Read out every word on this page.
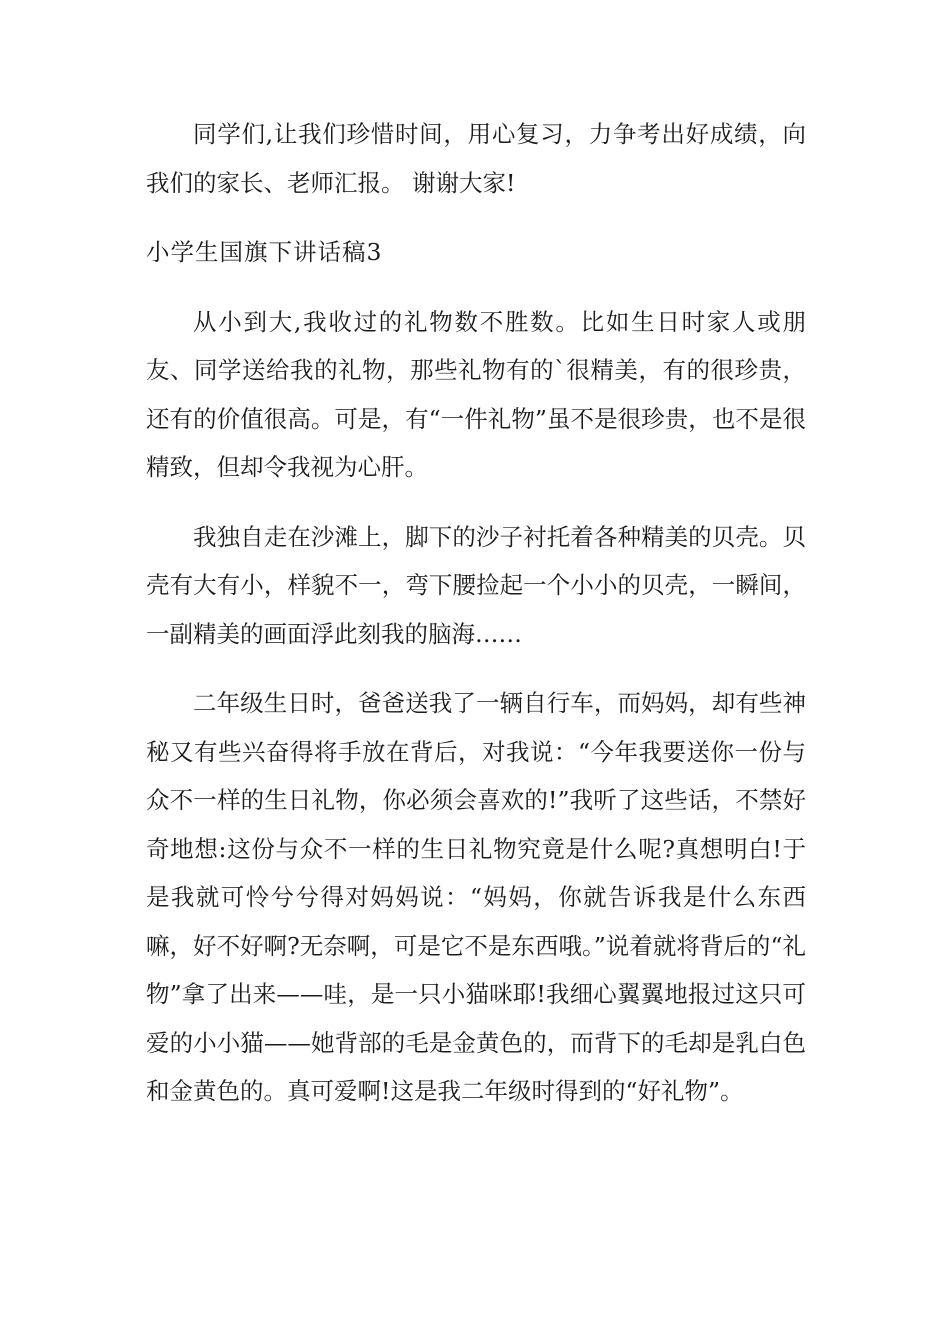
同学们,让我们珍惜时间，用心复习，力争考出好成绩，向我们的家长、老师汇报。 谢谢大家!

小学生国旗下讲话稿3

从小到大,我收过的礼物数不胜数。比如生日时家人或朋友、同学送给我的礼物，那些礼物有的`很精美，有的很珍贵，还有的价值很高。可是，有“一件礼物”虽不是很珍贵，也不是很精致，但却令我视为心肝。

我独自走在沙滩上，脚下的沙子衬托着各种精美的贝壳。贝壳有大有小，样貌不一，弯下腰捡起一个小小的贝壳，一瞬间，一副精美的画面浮此刻我的脑海……

二年级生日时，爸爸送我了一辆自行车，而妈妈，却有些神秘又有些兴奋得将手放在背后，对我说：“今年我要送你一份与众不一样的生日礼物，你必须会喜欢的!”我听了这些话，不禁好奇地想:这份与众不一样的生日礼物究竟是什么呢?真想明白!于是我就可怜兮兮得对妈妈说：“妈妈，你就告诉我是什么东西嘛，好不好啊?无奈啊，可是它不是东西哦。”说着就将背后的“礼物”拿了出来——哇，是一只小猫咪耶!我细心翼翼地报过这只可爱的小小猫——她背部的毛是金黄色的，而背下的毛却是乳白色和金黄色的。真可爱啊!这是我二年级时得到的“好礼物”。
